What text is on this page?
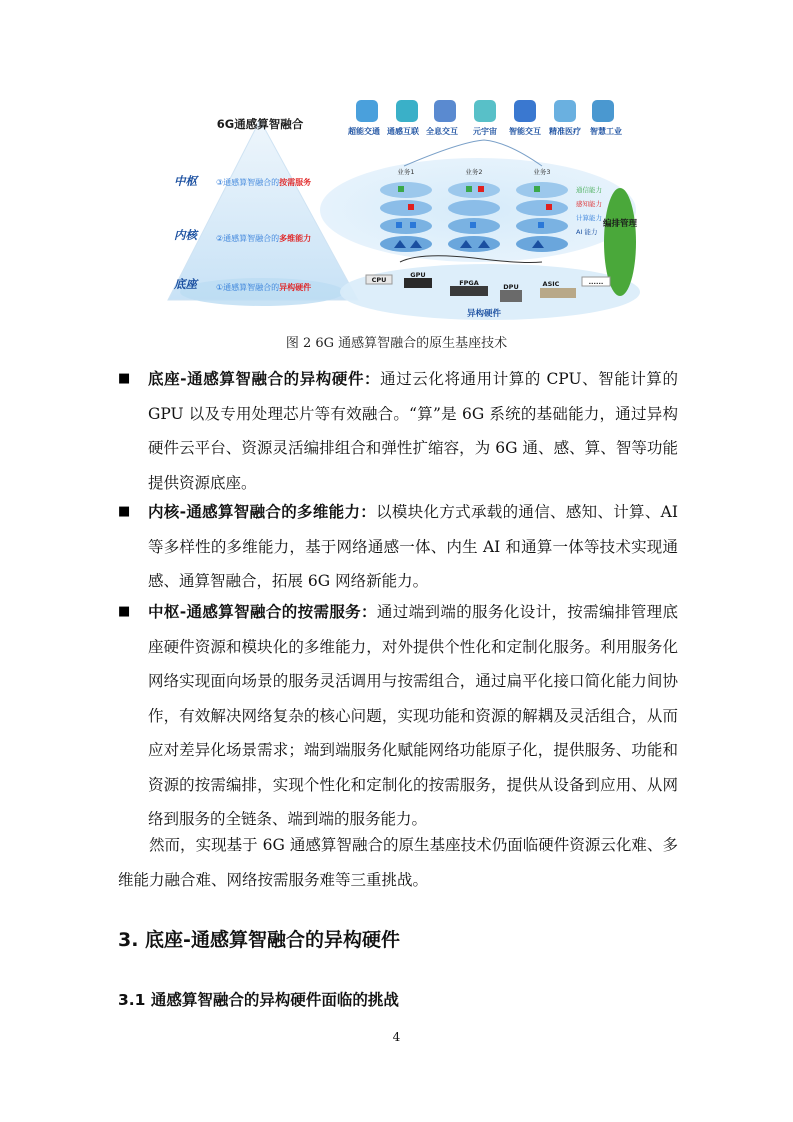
6G通感算智融合
中枢
内核
底座
③通感算智融合的按需服务
②通感算智融合的多维能力
①通感算智融合的异构硬件
超能交通 通感互联 全息交互 元宇宙 智能交互 精准医疗 智慧工业
业务1	业务2	业务3
通信能力
感知能力
计算能力
AI 能力
编排管理
CPU
GPU
FPGA	DPU	ASIC	......
异构硬件
图 2 6G 通感算智融合的原生基座技术
■ 底座-通感算智融合的异构硬件：通过云化将通用计算的 CPU、智能计算的 GPU 以及专用处理芯片等有效融合。“算”是 6G 系统的基础能力，通过异构硬件云平台、资源灵活编排组合和弹性扩缩容，为 6G 通、感、算、智等功能提供资源底座。
■ 内核-通感算智融合的多维能力：以模块化方式承载的通信、感知、计算、AI 等多样性的多维能力，基于网络通感一体、内生 AI 和通算一体等技术实现通感、通算智融合，拓展 6G 网络新能力。
■ 中枢-通感算智融合的按需服务：通过端到端的服务化设计，按需编排管理底座硬件资源和模块化的多维能力，对外提供个性化和定制化服务。利用服务化网络实现面向场景的服务灵活调用与按需组合，通过扁平化接口简化能力间协作，有效解决网络复杂的核心问题，实现功能和资源的解耦及灵活组合，从而应对差异化场景需求；端到端服务化赋能网络功能原子化，提供服务、功能和资源的按需编排，实现个性化和定制化的按需服务，提供从设备到应用、从网络到服务的全链条、端到端的服务能力。
然而，实现基于 6G 通感算智融合的原生基座技术仍面临硬件资源云化难、多维能力融合难、网络按需服务难等三重挑战。
3. 底座-通感算智融合的异构硬件
3.1 通感算智融合的异构硬件面临的挑战
4
